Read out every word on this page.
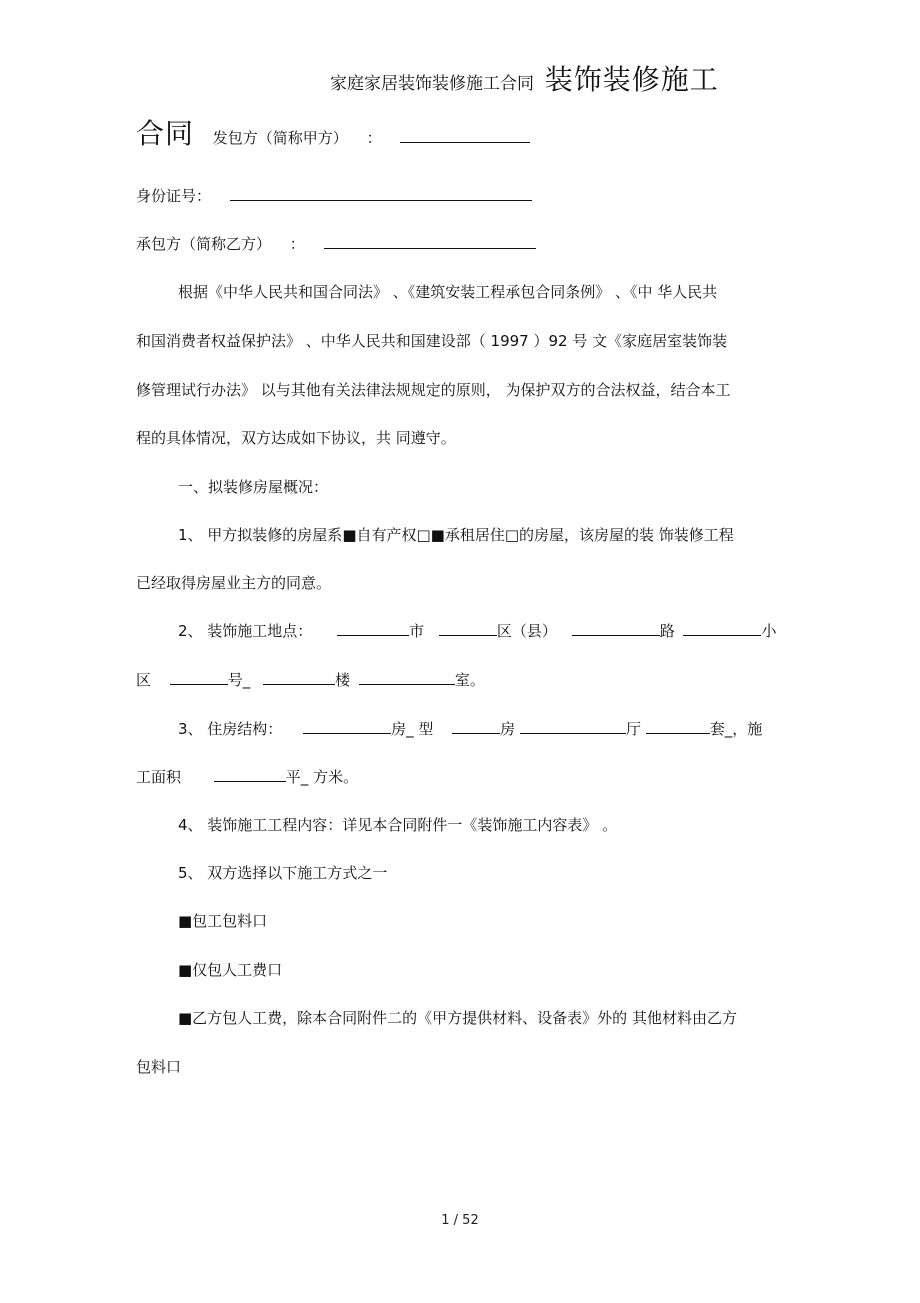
家庭家居装饰装修施工合同 装饰装修施工
合同 发包方（简称甲方） ：
身份证号：
承包方（简称乙方） ：
根据《中华人民共和国合同法》 、《建筑安装工程承包合同条例》 、《中 华人民共
和国消费者权益保护法》 、中华人民共和国建设部（ 1997 ）92 号 文《家庭居室装饰装
修管理试行办法》 以与其他有关法律法规规定的原则， 为保护双方的合法权益，结合本工
程的具体情况，双方达成如下协议，共 同遵守。
一、拟装修房屋概况：
1、 甲方拟装修的房屋系■自有产权□■承租居住□的房屋，该房屋的装 饰装修工程
已经取得房屋业主方的同意。
2、 装饰施工地点：	市	区（县）	路	小
区	号_	楼	室。
3、 住房结构：	房_ 型	房	厅	套_，施
工面积	平_ 方米。
4、 装饰施工工程内容：详见本合同附件一《装饰施工内容表》 。
5、 双方选择以下施工方式之一
■包工包料口
■仅包人工费口
■乙方包人工费，除本合同附件二的《甲方提供材料、设备表》外的 其他材料由乙方
包料口
1 / 52
